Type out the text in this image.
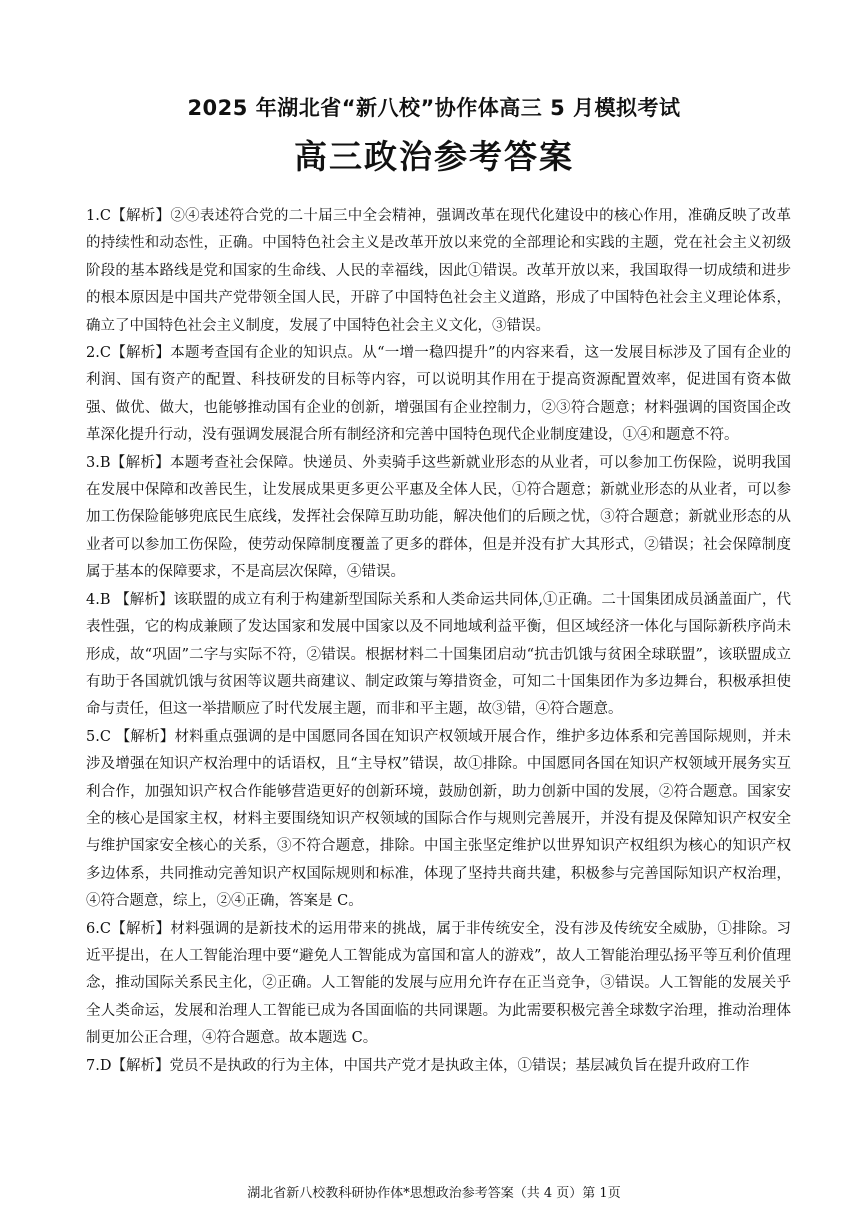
2025 年湖北省“新八校”协作体高三 5 月模拟考试
高三政治参考答案

1.C【解析】②④表述符合党的二十届三中全会精神，强调改革在现代化建设中的核心作用，准确反映了改革的持续性和动态性，正确。中国特色社会主义是改革开放以来党的全部理论和实践的主题，党在社会主义初级阶段的基本路线是党和国家的生命线、人民的幸福线，因此①错误。改革开放以来，我国取得一切成绩和进步的根本原因是中国共产党带领全国人民，开辟了中国特色社会主义道路，形成了中国特色社会主义理论体系，确立了中国特色社会主义制度，发展了中国特色社会主义文化，③错误。

2.C【解析】本题考查国有企业的知识点。从“一增一稳四提升”的内容来看，这一发展目标涉及了国有企业的利润、国有资产的配置、科技研发的目标等内容，可以说明其作用在于提高资源配置效率，促进国有资本做强、做优、做大，也能够推动国有企业的创新，增强国有企业控制力，②③符合题意；材料强调的国资国企改革深化提升行动，没有强调发展混合所有制经济和完善中国特色现代企业制度建设，①④和题意不符。

3.B【解析】本题考查社会保障。快递员、外卖骑手这些新就业形态的从业者，可以参加工伤保险，说明我国在发展中保障和改善民生，让发展成果更多更公平惠及全体人民，①符合题意；新就业形态的从业者，可以参加工伤保险能够兜底民生底线，发挥社会保障互助功能，解决他们的后顾之忧，③符合题意；新就业形态的从业者可以参加工伤保险，使劳动保障制度覆盖了更多的群体，但是并没有扩大其形式，②错误；社会保障制度属于基本的保障要求，不是高层次保障，④错误。

4.B 【解析】该联盟的成立有利于构建新型国际关系和人类命运共同体,①正确。二十国集团成员涵盖面广，代表性强，它的构成兼顾了发达国家和发展中国家以及不同地域利益平衡，但区域经济一体化与国际新秩序尚未形成，故“巩固”二字与实际不符，②错误。根据材料二十国集团启动“抗击饥饿与贫困全球联盟”，该联盟成立有助于各国就饥饿与贫困等议题共商建议、制定政策与筹措资金，可知二十国集团作为多边舞台，积极承担使命与责任，但这一举措顺应了时代发展主题，而非和平主题，故③错，④符合题意。

5.C 【解析】材料重点强调的是中国愿同各国在知识产权领域开展合作，维护多边体系和完善国际规则，并未涉及增强在知识产权治理中的话语权，且“主导权”错误，故①排除。中国愿同各国在知识产权领域开展务实互利合作，加强知识产权合作能够营造更好的创新环境，鼓励创新，助力创新中国的发展，②符合题意。国家安全的核心是国家主权，材料主要围绕知识产权领域的国际合作与规则完善展开，并没有提及保障知识产权安全与维护国家安全核心的关系，③不符合题意，排除。中国主张坚定维护以世界知识产权组织为核心的知识产权多边体系，共同推动完善知识产权国际规则和标准，体现了坚持共商共建，积极参与完善国际知识产权治理，④符合题意，综上，②④正确，答案是 C。

6.C【解析】材料强调的是新技术的运用带来的挑战，属于非传统安全，没有涉及传统安全威胁，①排除。习近平提出，在人工智能治理中要“避免人工智能成为富国和富人的游戏”，故人工智能治理弘扬平等互利价值理念，推动国际关系民主化，②正确。人工智能的发展与应用允许存在正当竞争，③错误。人工智能的发展关乎全人类命运，发展和治理人工智能已成为各国面临的共同课题。为此需要积极完善全球数字治理，推动治理体制更加公正合理，④符合题意。故本题选 C。

7.D【解析】党员不是执政的行为主体，中国共产党才是执政主体，①错误；基层减负旨在提升政府工作

湖北省新八校教科研协作体*思想政治参考答案（共 4 页）第 1页
